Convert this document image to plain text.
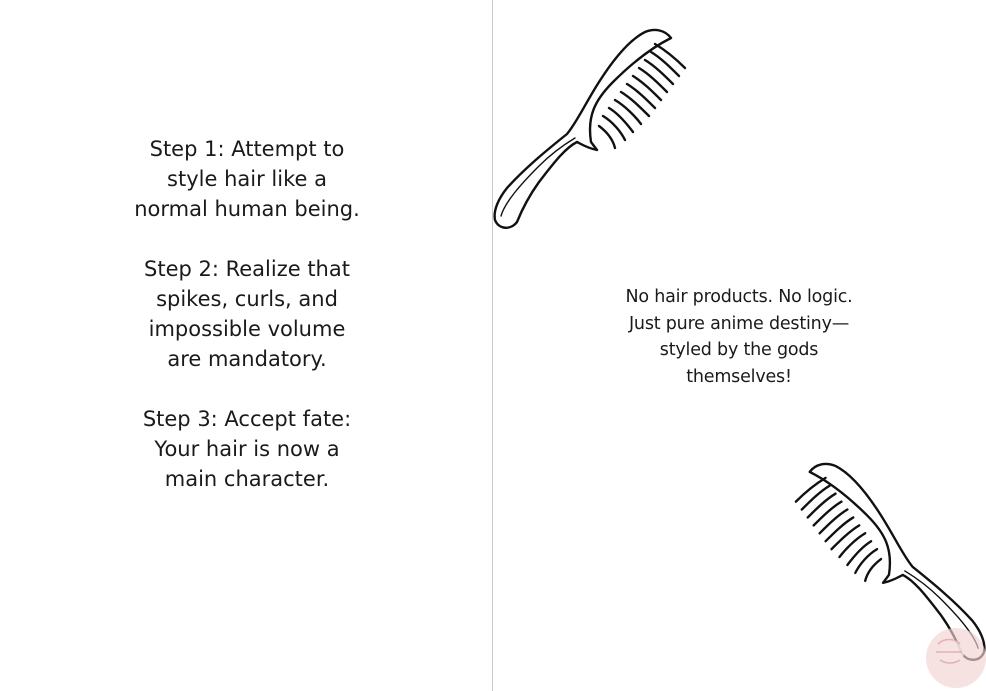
Step 1: Attempt to
style hair like a
normal human being.
Step 2: Realize that
spikes, curls, and
impossible volume
are mandatory.
Step 3: Accept fate:
Your hair is now a
main character.
No hair products. No logic.
Just pure anime destiny—
styled by the gods
themselves!
